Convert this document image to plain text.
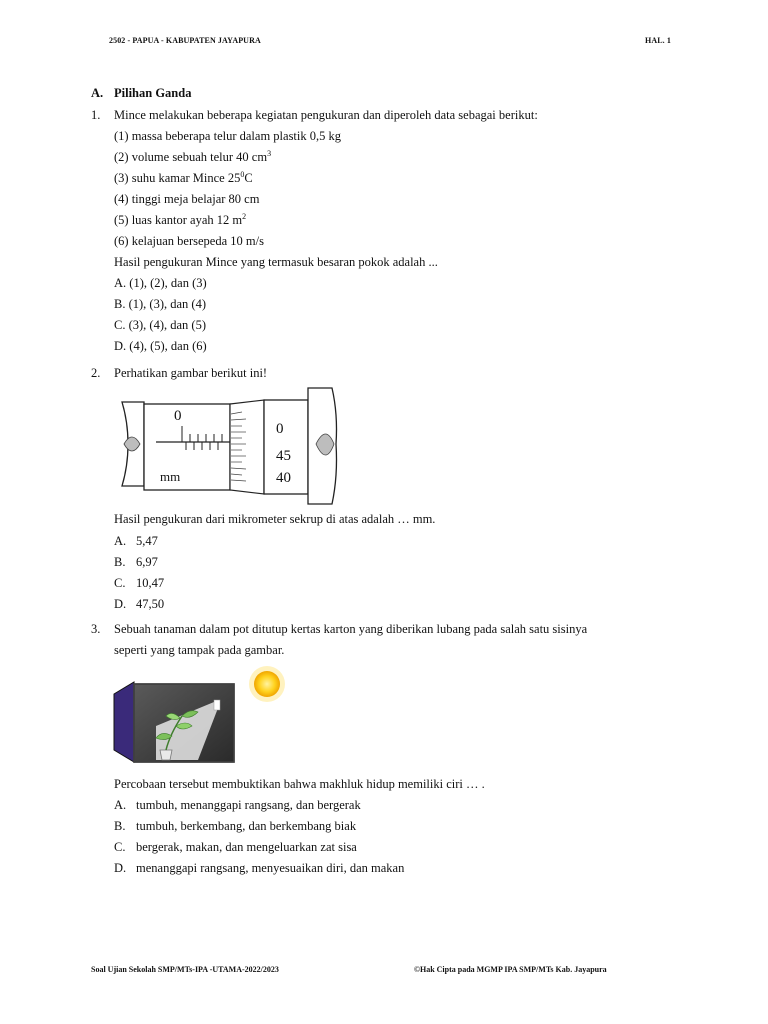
2502 - PAPUA - KABUPATEN JAYAPURA	HAL. 1
A. Pilihan Ganda
1. Mince melakukan beberapa kegiatan pengukuran dan diperoleh data sebagai berikut:
(1) massa beberapa telur dalam plastik 0,5 kg
(2) volume sebuah telur 40 $cm^3$
(3) suhu kamar Mince $25^0C$
(4) tinggi meja belajar 80 cm
(5) luas kantor ayah 12 $m^2$
(6) kelajuan bersepeda 10 m/s
Hasil pengukuran Mince yang termasuk besaran pokok adalah ...
A. (1), (2), dan (3)
B. (1), (3), dan (4)
C. (3), (4), dan (5)
D. (4), (5), dan (6)
2. Perhatikan gambar berikut ini!
0
mm
0
45
40
Hasil pengukuran dari mikrometer sekrup di atas adalah … mm.
A. 5,47
B. 6,97
C. 10,47
D. 47,50
3. Sebuah tanaman dalam pot ditutup kertas karton yang diberikan lubang pada salah satu sisinya
seperti yang tampak pada gambar.
Percobaan tersebut membuktikan bahwa makhluk hidup memiliki ciri … .
A. tumbuh, menanggapi rangsang, dan bergerak
B. tumbuh, berkembang, dan berkembang biak
C. bergerak, makan, dan mengeluarkan zat sisa
D. menanggapi rangsang, menyesuaikan diri, dan makan
Soal Ujian Sekolah SMP/MTs-IPA -UTAMA-2022/2023	©Hak Cipta pada MGMP IPA SMP/MTs Kab. Jayapura
